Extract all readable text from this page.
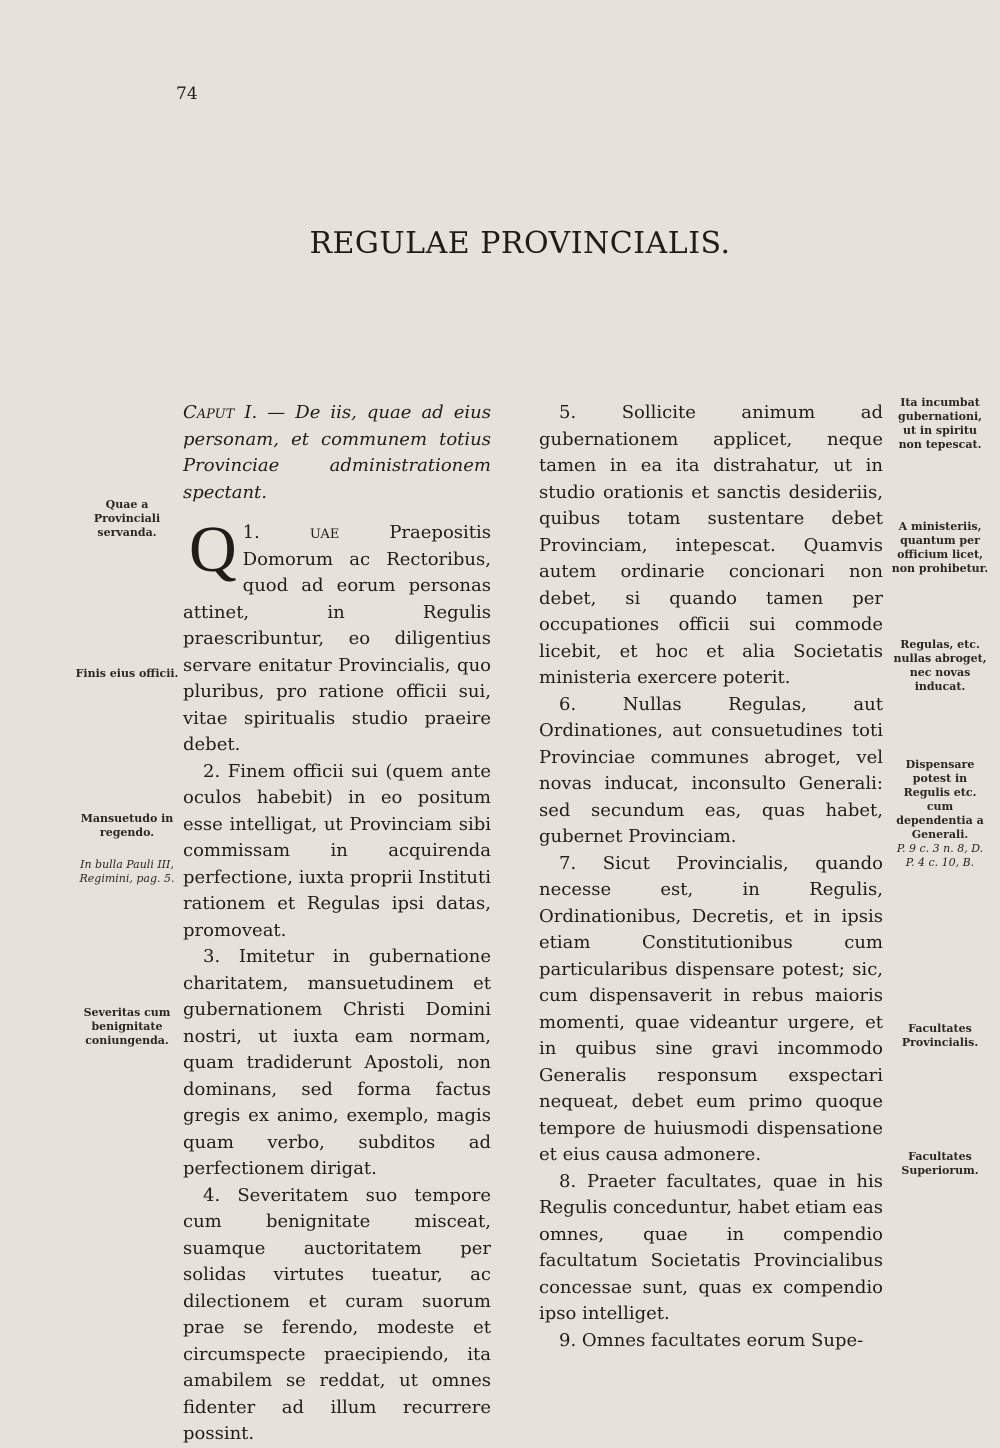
74
REGULAE PROVINCIALIS.

Caput I. — De iis, quae ad eius personam, et communem totius Provinciae administrationem spectant.

1.
Q	uae Praepositis Domorum ac Rectoribus, quod ad eorum personas attinet, in Regulis praescribuntur, eo diligentius servare enitatur Provincialis, quo pluribus, pro ratione officii sui, vitae spiritualis studio praeire debet.

2. Finem officii sui (quem ante oculos habebit) in eo positum esse intelligat, ut Provinciam sibi commissam in acquirenda perfectione, iuxta proprii Instituti rationem et Regulas ipsi datas, promoveat.

3. Imitetur in gubernatione charitatem, mansuetudinem et gubernationem Christi Domini nostri, ut iuxta eam normam, quam tradiderunt Apostoli, non dominans, sed forma factus gregis ex animo, exemplo, magis quam verbo, subditos ad perfectionem dirigat.

4. Severitatem suo tempore cum benignitate misceat, suamque auctoritatem per solidas virtutes tueatur, ac dilectionem et curam suorum prae se ferendo, modeste et circumspecte praecipiendo, ita amabilem se reddat, ut omnes fidenter ad illum recurrere possint.

5. Sollicite animum ad gubernationem applicet, neque tamen in ea ita distrahatur, ut in studio orationis et sanctis desideriis, quibus totam sustentare debet Provinciam, intepescat. Quamvis autem ordinarie concionari non debet, si quando tamen per occupationes officii sui commode licebit, et hoc et alia Societatis ministeria exercere poterit.

6. Nullas Regulas, aut Ordinationes, aut consuetudines toti Provinciae communes abroget, vel novas inducat, inconsulto Generali: sed secundum eas, quas habet, gubernet Provinciam.

7. Sicut Provincialis, quando necesse est, in Regulis, Ordinationibus, Decretis, et in ipsis etiam Constitutionibus cum particularibus dispensare potest; sic, cum dispensaverit in rebus maioris momenti, quae videantur urgere, et in quibus sine gravi incommodo Generalis responsum exspectari nequeat, debet eum primo quoque tempore de huiusmodi dispensatione et eius causa admonere.

8. Praeter facultates, quae in his Regulis conceduntur, habet etiam eas omnes, quae in compendio facultatum Societatis Provincialibus concessae sunt, quas ex compendio ipso intelliget.

9. Omnes facultates eorum Supe-

Quae a Provinciali servanda.
Finis eius officii.
Mansuetudo in regendo.
In bulla Pauli III,
Regimini, pag. 5.
Severitas cum benignitate coniungenda.
Ita incumbat gubernationi, ut in spiritu non tepescat.
A ministeriis, quantum per officium licet, non prohibetur.
Regulas, etc. nullas abroget, nec novas inducat.
Dispensare potest in Regulis etc. cum dependentia a Generali.
P. 9 c. 3 n. 8, D.
P. 4 c. 10, B.
Facultates Provincialis.
Facultates Superiorum.
